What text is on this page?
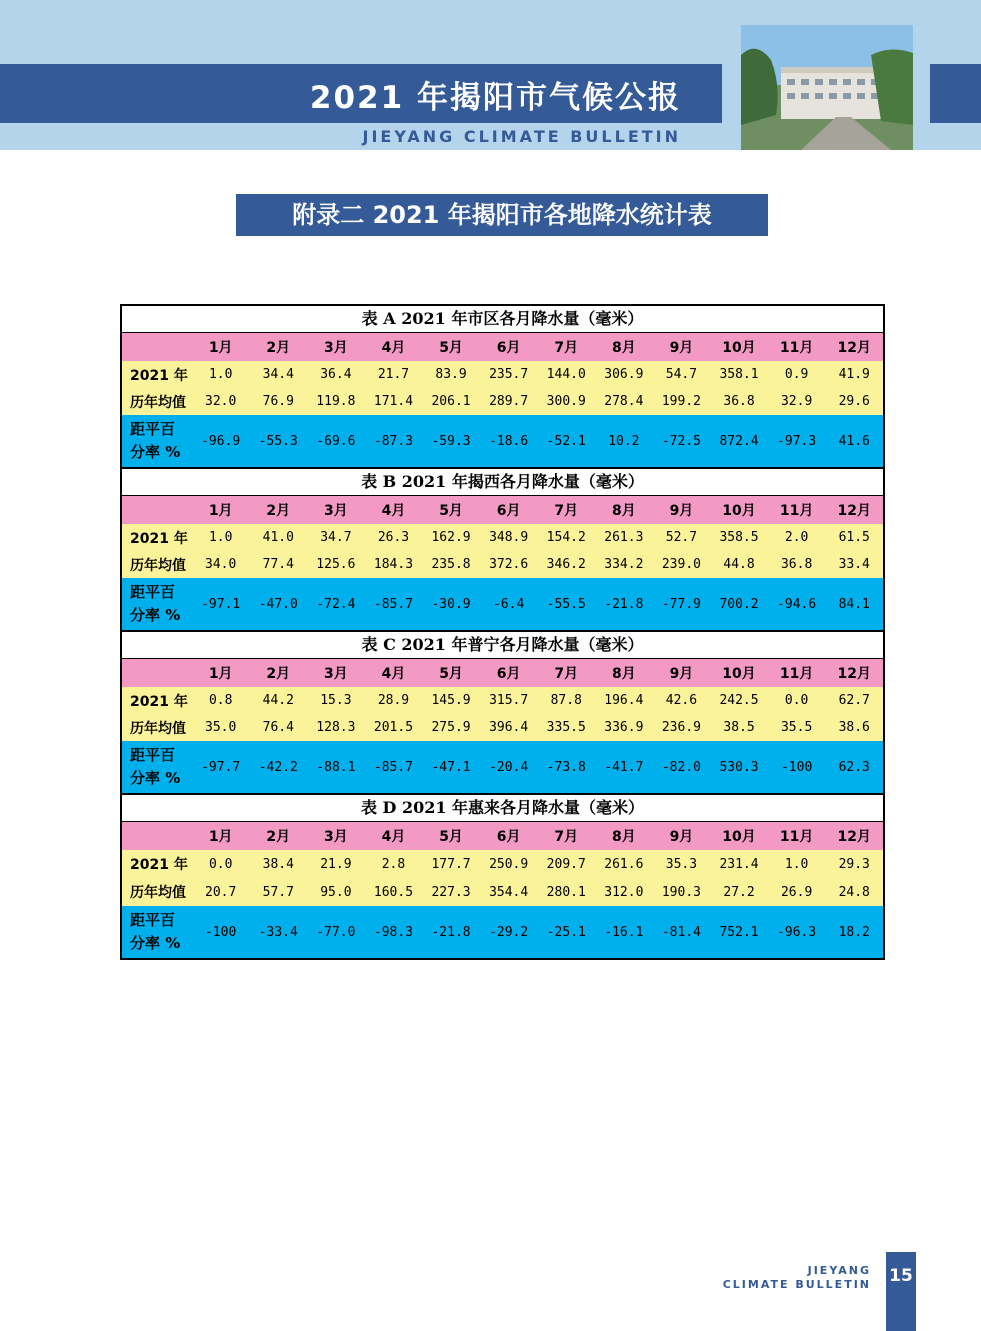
2021 年揭阳市气候公报
JIEYANG CLIMATE BULLETIN
附录二 2021 年揭阳市各地降水统计表
表 A 2021 年市区各月降水量（毫米）
1月	2月	3月	4月	5月	6月	7月	8月	9月	10月	11月	12月
2021 年	1.0	34.4	36.4	21.7	83.9	235.7	144.0	306.9	54.7	358.1	0.9	41.9
历年均值	32.0	76.9	119.8	171.4	206.1	289.7	300.9	278.4	199.2	36.8	32.9	29.6
距平百
分率 %
-96.9	-55.3	-69.6	-87.3	-59.3	-18.6	-52.1	10.2	-72.5	872.4	-97.3	41.6
表 B 2021 年揭西各月降水量（毫米）
1月	2月	3月	4月	5月	6月	7月	8月	9月	10月	11月	12月
2021 年	1.0	41.0	34.7	26.3	162.9	348.9	154.2	261.3	52.7	358.5	2.0	61.5
历年均值	34.0	77.4	125.6	184.3	235.8	372.6	346.2	334.2	239.0	44.8	36.8	33.4
距平百
分率 %
-97.1	-47.0	-72.4	-85.7	-30.9	-6.4	-55.5	-21.8	-77.9	700.2	-94.6	84.1
表 C 2021 年普宁各月降水量（毫米）
1月	2月	3月	4月	5月	6月	7月	8月	9月	10月	11月	12月
2021 年	0.8	44.2	15.3	28.9	145.9	315.7	87.8	196.4	42.6	242.5	0.0	62.7
历年均值	35.0	76.4	128.3	201.5	275.9	396.4	335.5	336.9	236.9	38.5	35.5	38.6
距平百
分率 %
-97.7	-42.2	-88.1	-85.7	-47.1	-20.4	-73.8	-41.7	-82.0	530.3	-100	62.3
表 D 2021 年惠来各月降水量（毫米）
1月	2月	3月	4月	5月	6月	7月	8月	9月	10月	11月	12月
2021 年	0.0	38.4	21.9	2.8	177.7	250.9	209.7	261.6	35.3	231.4	1.0	29.3
历年均值	20.7	57.7	95.0	160.5	227.3	354.4	280.1	312.0	190.3	27.2	26.9	24.8
距平百
分率 %
-100	-33.4	-77.0	-98.3	-21.8	-29.2	-25.1	-16.1	-81.4	752.1	-96.3	18.2
JIEYANG
CLIMATE BULLETIN 15
